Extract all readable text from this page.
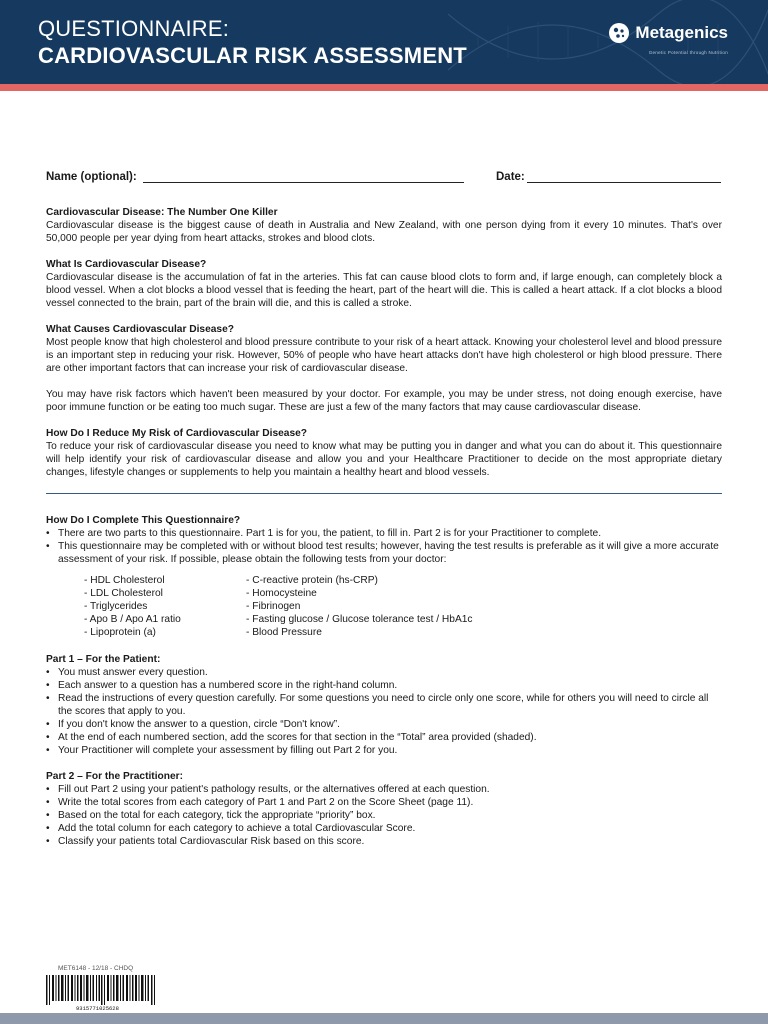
QUESTIONNAIRE:
CARDIOVASCULAR RISK ASSESSMENT
Metagenics
Genetic Potential through Nutrition
Name (optional):	Date:
Cardiovascular Disease: The Number One Killer

Cardiovascular disease is the biggest cause of death in Australia and New Zealand, with one person dying from it every 10 minutes. That's over 50,000 people per year dying from heart attacks, strokes and blood clots.

What Is Cardiovascular Disease?

Cardiovascular disease is the accumulation of fat in the arteries. This fat can cause blood clots to form and, if large enough, can completely block a blood vessel. When a clot blocks a blood vessel that is feeding the heart, part of the heart will die. This is called a heart attack. If a clot blocks a blood vessel connected to the brain, part of the brain will die, and this is called a stroke.

What Causes Cardiovascular Disease?

Most people know that high cholesterol and blood pressure contribute to your risk of a heart attack. Knowing your cholesterol level and blood pressure is an important step in reducing your risk. However, 50% of people who have heart attacks don't have high cholesterol or high blood pressure. There are other important factors that can increase your risk of cardiovascular disease.

You may have risk factors which haven't been measured by your doctor. For example, you may be under stress, not doing enough exercise, have poor immune function or be eating too much sugar. These are just a few of the many factors that may cause cardiovascular disease.

How Do I Reduce My Risk of Cardiovascular Disease?

To reduce your risk of cardiovascular disease you need to know what may be putting you in danger and what you can do about it. This questionnaire will help identify your risk of cardiovascular disease and allow you and your Healthcare Practitioner to decide on the most appropriate dietary changes, lifestyle changes or supplements to help you maintain a healthy heart and blood vessels.

How Do I Complete This Questionnaire?
• There are two parts to this questionnaire. Part 1 is for you, the patient, to fill in. Part 2 is for your Practitioner to complete.
• This questionnaire may be completed with or without blood test results; however, having the test results is preferable as it will give a more accurate assessment of your risk. If possible, please obtain the following tests from your doctor:
- HDL Cholesterol
- LDL Cholesterol
- Triglycerides
- Apo B / Apo A1 ratio
- Lipoprotein (a)
- C-reactive protein (hs-CRP)
- Homocysteine
- Fibrinogen
- Fasting glucose / Glucose tolerance test / HbA1c
- Blood Pressure
Part 1 – For the Patient:
• You must answer every question.
• Each answer to a question has a numbered score in the right-hand column.
• Read the instructions of every question carefully. For some questions you need to circle only one score, while for others you will need to circle all the scores that apply to you.
• If you don't know the answer to a question, circle “Don't know”.
• At the end of each numbered section, add the scores for that section in the “Total” area provided (shaded).
• Your Practitioner will complete your assessment by filling out Part 2 for you.
Part 2 – For the Practitioner:
• Fill out Part 2 using your patient's pathology results, or the alternatives offered at each question.
• Write the total scores from each category of Part 1 and Part 2 on the Score Sheet (page 11).
• Based on the total for each category, tick the appropriate “priority” box.
• Add the total column for each category to achieve a total Cardiovascular Score.
• Classify your patients total Cardiovascular Risk based on this score.
MET6148 - 12/18 - CHDQ
9315771025628
